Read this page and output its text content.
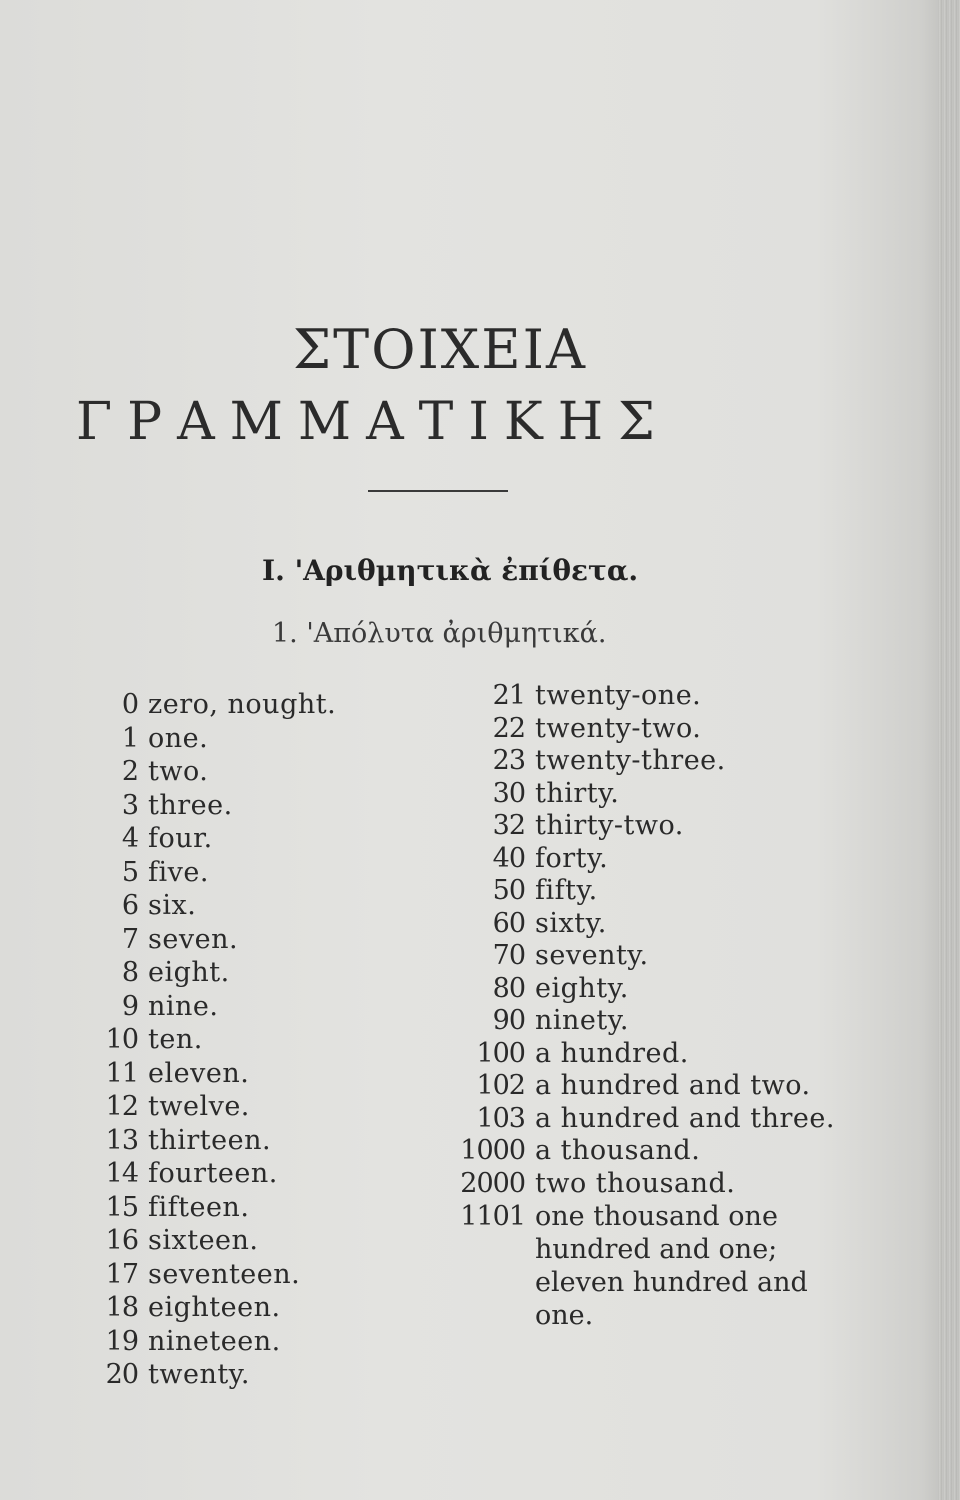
ΣΤΟΙΧΕΙΑ
ΓΡΑΜΜΑΤΙΚΗΣ
I. 'Αριθμητικὰ ἐπίθετα.
1. 'Απόλυτα ἀριθμητικά.
0 zero, nought.
1 one.
2 two.
3 three.
4 four.
5 five.
6 six.
7 seven.
8 eight.
9 nine.
10 ten.
11 eleven.
12 twelve.
13 thirteen.
14 fourteen.
15 fifteen.
16 sixteen.
17 seventeen.
18 eighteen.
19 nineteen.
20 twenty.
21 twenty-one.
22 twenty-two.
23 twenty-three.
30 thirty.
32 thirty-two.
40 forty.
50 fifty.
60 sixty.
70 seventy.
80 eighty.
90 ninety.
100 a hundred.
102 a hundred and two.
103 a hundred and three.
1000 a thousand.
2000 two thousand.
1101 one thousand one hundred and one; eleven hundred and one.
